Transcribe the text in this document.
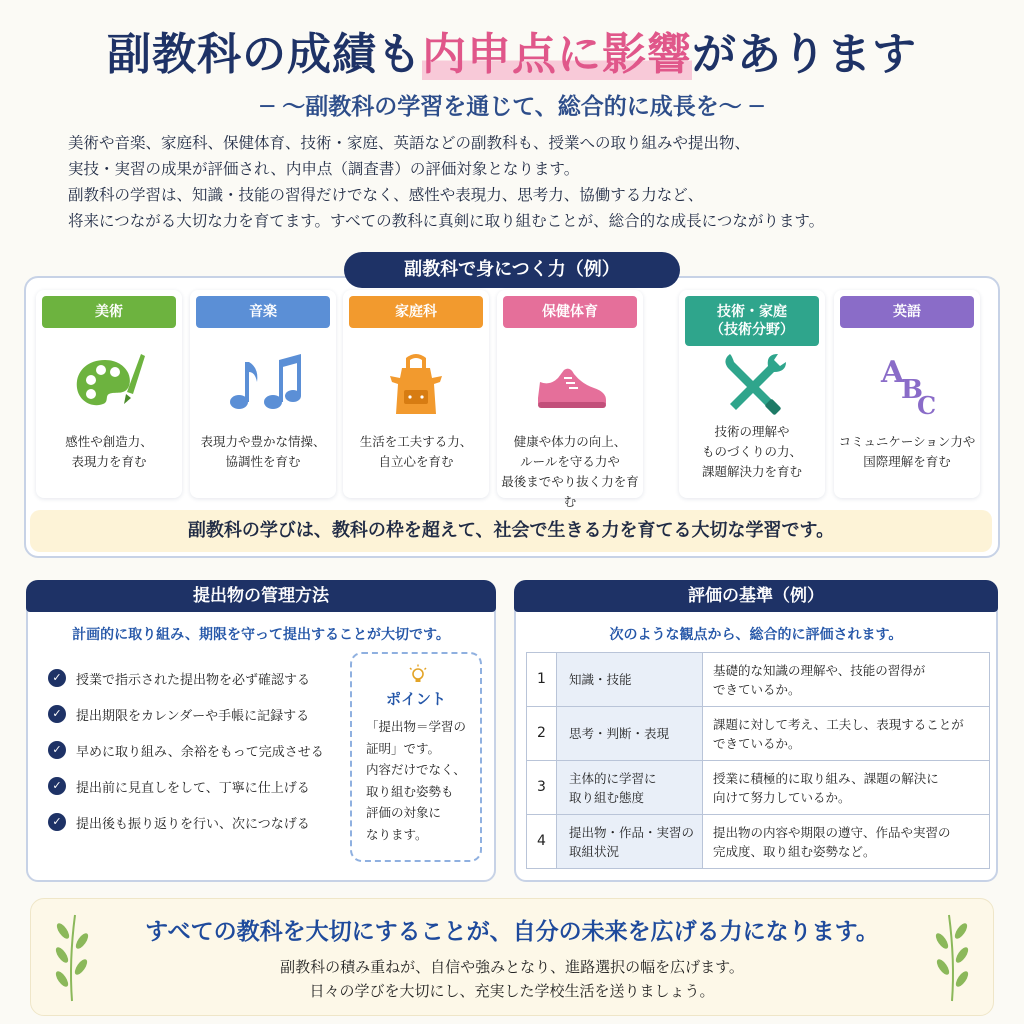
副教科の成績も内申点に影響があります
─ ～副教科の学習を通じて、総合的に成長を～ ─

美術や音楽、家庭科、保健体育、技術・家庭、英語などの副教科も、授業への取り組みや提出物、

実技・実習の成果が評価され、内申点（調査書）の評価対象となります。

副教科の学習は、知識・技能の習得だけでなく、感性や表現力、思考力、協働する力など、

将来につながる大切な力を育てます。すべての教科に真剣に取り組むことが、総合的な成長につながります。

副教科で身につく力（例）
美術
感性や創造力、
表現力を育む
音楽
表現力や豊かな情操、
協調性を育む
家庭科
生活を工夫する力、
自立心を育む
保健体育
健康や体力の向上、
ルールを守る力や
最後までやり抜く力を育む
技術・家庭
（技術分野）
技術の理解や
ものづくりの力、
課題解決力を育む
英語
A
B
C
コミュニケーション力や
国際理解を育む
副教科の学びは、教科の枠を超えて、社会で生きる力を育てる大切な学習です。
提出物の管理方法
計画的に取り組み、期限を守って提出することが大切です。
✓	授業で指示された提出物を必ず確認する
✓	提出期限をカレンダーや手帳に記録する
✓	早めに取り組み、余裕をもって完成させる
✓	提出前に見直しをして、丁寧に仕上げる
✓	提出後も振り返りを行い、次につなげる
ポイント
「提出物＝学習の
証明」です。
内容だけでなく、
取り組む姿勢も
評価の対象に
なります。
評価の基準（例）
次のような観点から、総合的に評価されます。
1	知識・技能	基礎的な知識の理解や、技能の習得が
できているか。
2	思考・判断・表現	課題に対して考え、工夫し、表現することが
できているか。
3	主体的に学習に
取り組む態度	授業に積極的に取り組み、課題の解決に
向けて努力しているか。
4	提出物・作品・実習の
取組状況	提出物の内容や期限の遵守、作品や実習の
完成度、取り組む姿勢など。
すべての教科を大切にすることが、自分の未来を広げる力になります。
副教科の積み重ねが、自信や強みとなり、進路選択の幅を広げます。
日々の学びを大切にし、充実した学校生活を送りましょう。
